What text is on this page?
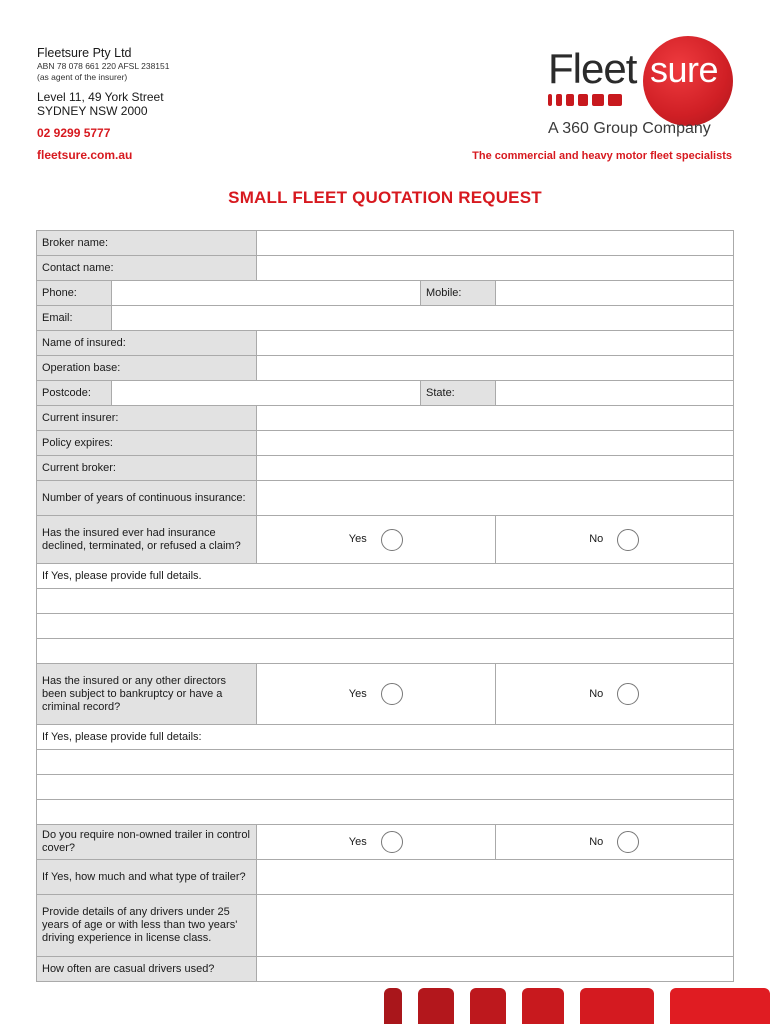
Fleetsure Pty Ltd
ABN 78 078 661 220 AFSL 238151
(as agent of the insurer)
Level 11, 49 York Street
SYDNEY NSW 2000
02 9299 5777
fleetsure.com.au
Fleet sure
A 360 Group Company
The commercial and heavy motor fleet specialists
SMALL FLEET QUOTATION REQUEST
Broker name:
Contact name:
Phone:	Mobile:
Email:
Name of insured:
Operation base:
Postcode:	State:
Current insurer:
Policy expires:
Current broker:
Number of years of continuous insurance:
Has the insured ever had insurance declined, terminated, or refused a claim?
Yes	No
If Yes, please provide full details.
Has the insured or any other directors been subject to bankruptcy or have a criminal record?
Yes	No
If Yes, please provide full details:
Do you require non-owned trailer in control cover?
Yes	No
If Yes, how much and what type of trailer?
Provide details of any drivers under 25 years of age or with less than two years' driving experience in license class.
How often are casual drivers used?
